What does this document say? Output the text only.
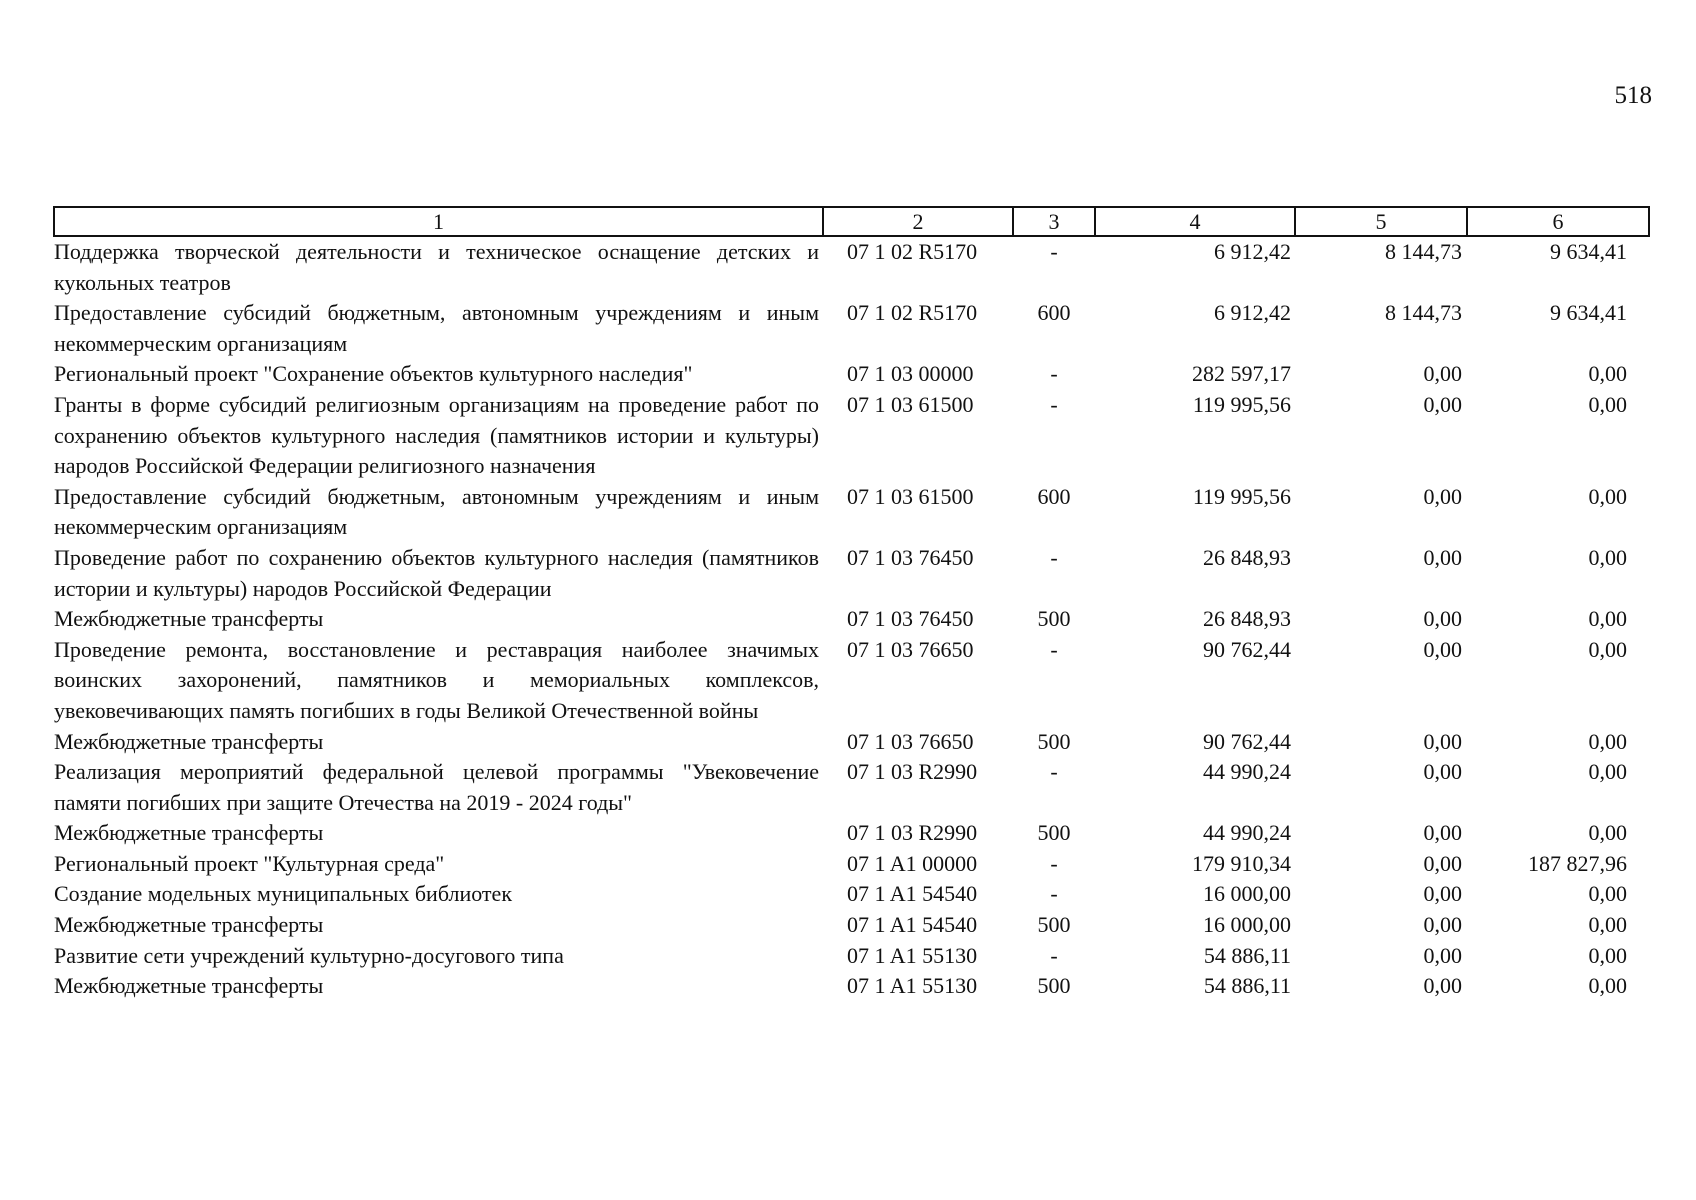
518
1	2	3	4	5	6
Поддержка творческой деятельности и техническое оснащение детских и кукольных театров	07 1 02 R5170	-	6 912,42	8 144,73	9 634,41
Предоставление субсидий бюджетным, автономным учреждениям и иным некоммерческим организациям	07 1 02 R5170	600	6 912,42	8 144,73	9 634,41
Региональный проект "Сохранение объектов культурного наследия"	07 1 03 00000	-	282 597,17	0,00	0,00
Гранты в форме субсидий религиозным организациям на проведение работ по сохранению объектов культурного наследия (памятников истории и культуры) народов Российской Федерации религиозного назначения	07 1 03 61500	-	119 995,56	0,00	0,00
Предоставление субсидий бюджетным, автономным учреждениям и иным некоммерческим организациям	07 1 03 61500	600	119 995,56	0,00	0,00
Проведение работ по сохранению объектов культурного наследия (памятников истории и культуры) народов Российской Федерации	07 1 03 76450	-	26 848,93	0,00	0,00
Межбюджетные трансферты	07 1 03 76450	500	26 848,93	0,00	0,00
Проведение ремонта, восстановление и реставрация наиболее значимых воинских захоронений, памятников и мемориальных комплексов, увековечивающих память погибших в годы Великой Отечественной войны	07 1 03 76650	-	90 762,44	0,00	0,00
Межбюджетные трансферты	07 1 03 76650	500	90 762,44	0,00	0,00
Реализация мероприятий федеральной целевой программы "Увековечение памяти погибших при защите Отечества на 2019 - 2024 годы"	07 1 03 R2990	-	44 990,24	0,00	0,00
Межбюджетные трансферты	07 1 03 R2990	500	44 990,24	0,00	0,00
Региональный проект "Культурная среда"	07 1 A1 00000	-	179 910,34	0,00	187 827,96
Создание модельных муниципальных библиотек	07 1 A1 54540	-	16 000,00	0,00	0,00
Межбюджетные трансферты	07 1 A1 54540	500	16 000,00	0,00	0,00
Развитие сети учреждений культурно-досугового типа	07 1 A1 55130	-	54 886,11	0,00	0,00
Межбюджетные трансферты	07 1 A1 55130	500	54 886,11	0,00	0,00
